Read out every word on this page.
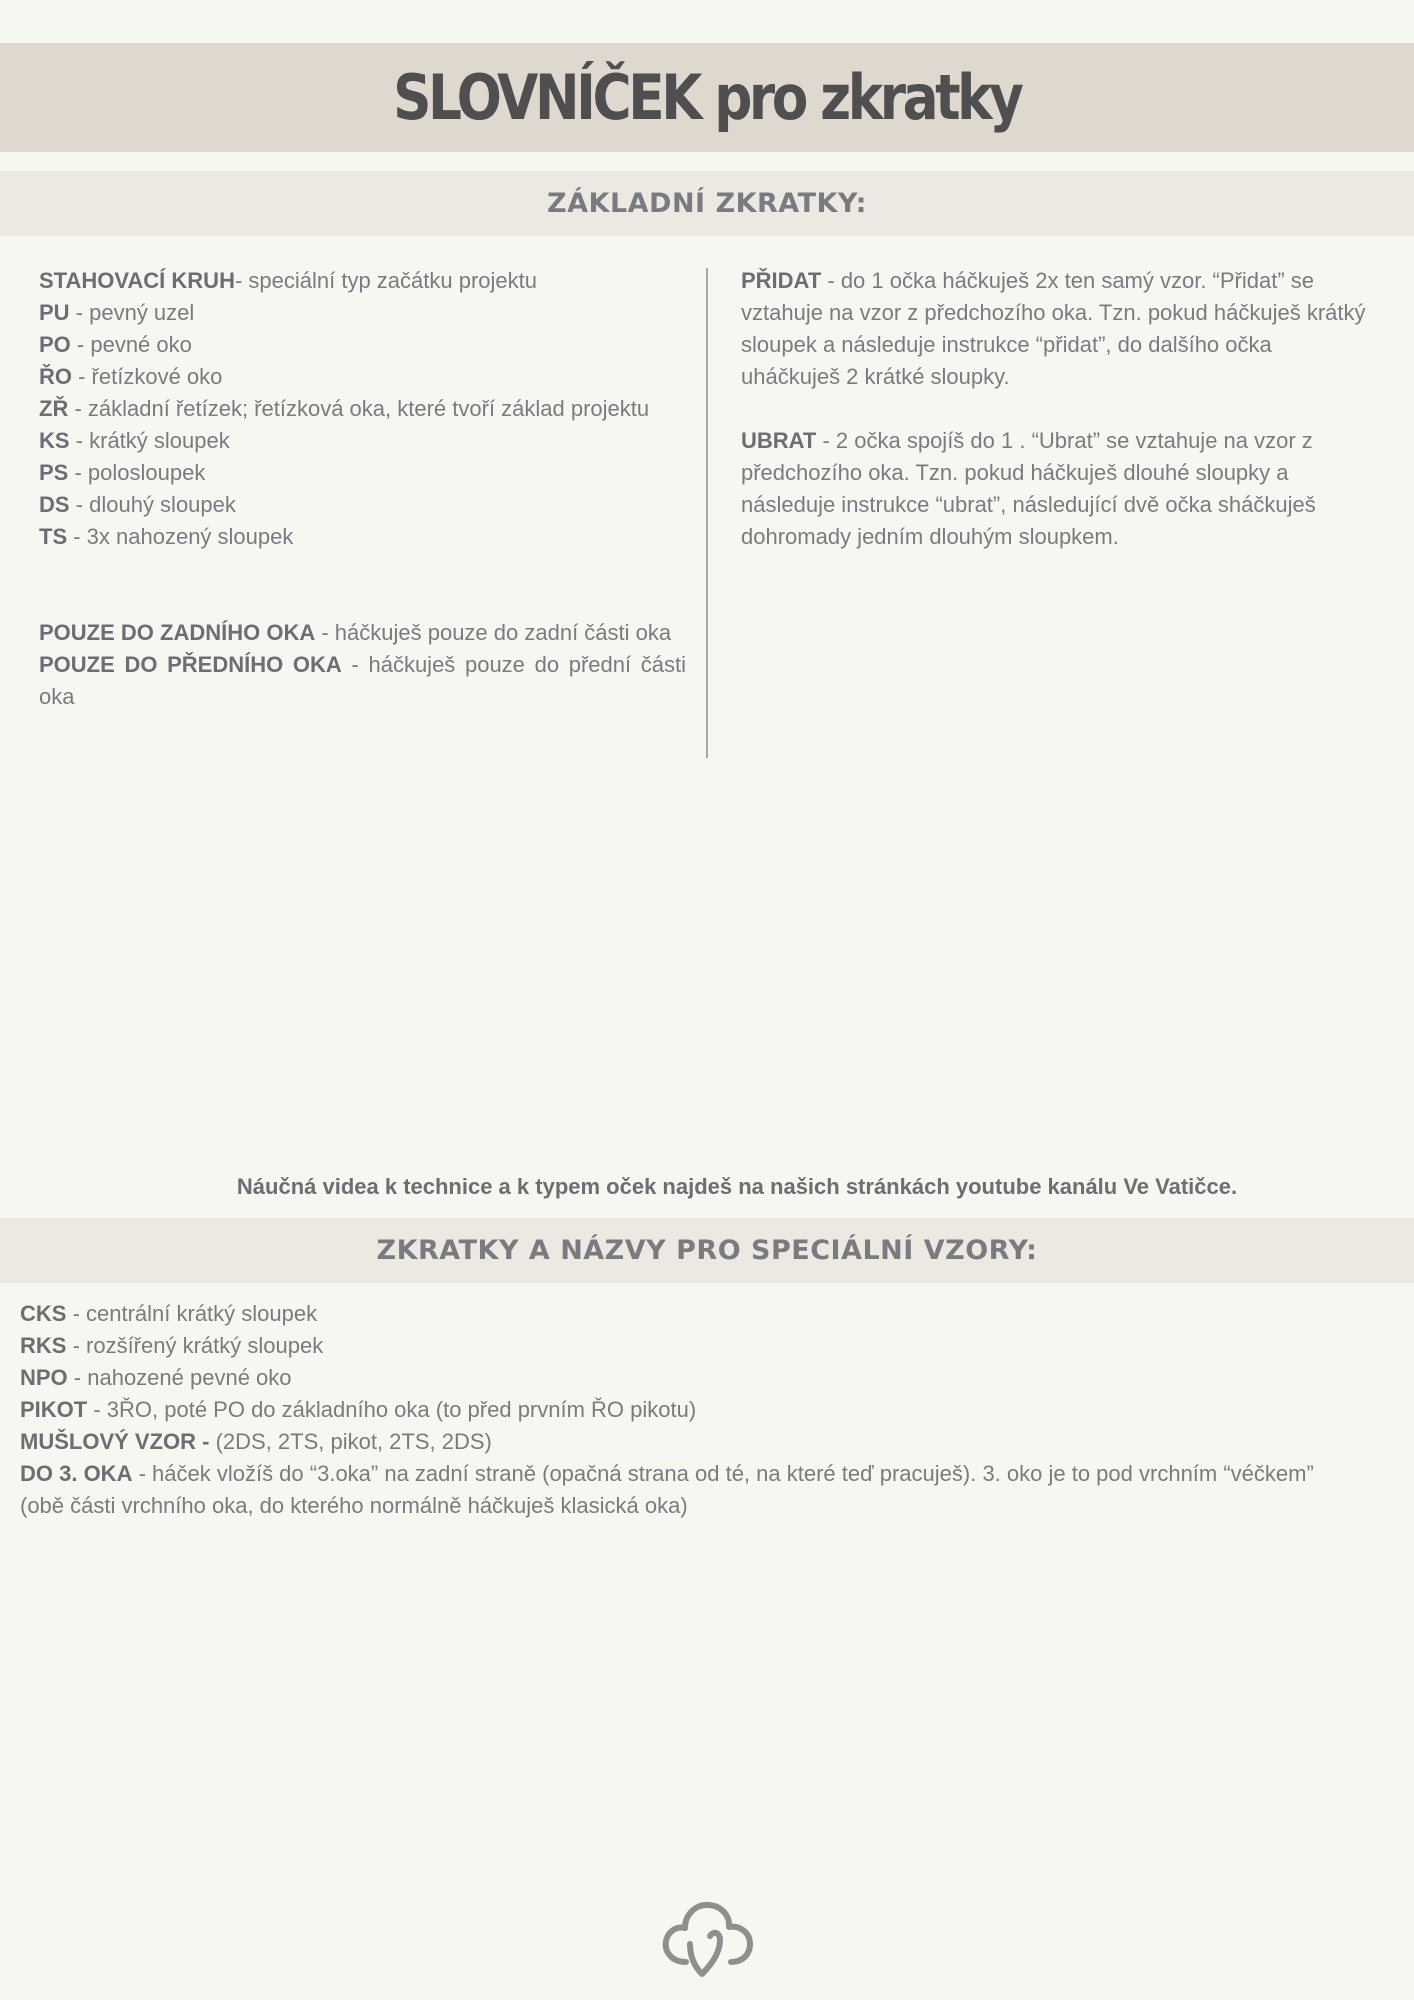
SLOVNÍČEK pro zkratky
ZÁKLADNÍ ZKRATKY:

STAHOVACÍ KRUH- speciální typ začátku projektu

PU - pevný uzel

PO - pevné oko

ŘO - řetízkové oko

ZŘ - základní řetízek; řetízková oka, které tvoří základ projektu

KS - krátký sloupek

PS - polosloupek

DS - dlouhý sloupek

TS - 3x nahozený sloupek

POUZE DO ZADNÍHO OKA - háčkuješ pouze do zadní části oka

POUZE DO PŘEDNÍHO OKA - háčkuješ pouze do přední části oka

PŘIDAT - do 1 očka háčkuješ 2x ten samý vzor. “Přidat” se vztahuje na vzor z předchozího oka. Tzn. pokud háčkuješ krátký sloupek a následuje instrukce “přidat”, do dalšího očka uháčkuješ 2 krátké sloupky.

UBRAT - 2 očka spojíš do 1 . “Ubrat” se vztahuje na vzor z předchozího oka. Tzn. pokud háčkuješ dlouhé sloupky a následuje instrukce “ubrat”, následující dvě očka sháčkuješ dohromady jedním dlouhým sloupkem.

Náučná videa k technice a k typem oček najdeš na našich stránkách youtube kanálu Ve Vatičce.

ZKRATKY A NÁZVY PRO SPECIÁLNÍ VZORY:

CKS - centrální krátký sloupek

RKS - rozšířený krátký sloupek

NPO - nahozené pevné oko

PIKOT - 3ŘO, poté PO do základního oka (to před prvním ŘO pikotu)

MUŠLOVÝ VZOR - (2DS, 2TS, pikot, 2TS, 2DS)

DO 3. OKA - háček vložíš do “3.oka” na zadní straně (opačná strana od té, na které teď pracuješ). 3. oko je to pod vrchním “véčkem” (obě části vrchního oka, do kterého normálně háčkuješ klasická oka)
